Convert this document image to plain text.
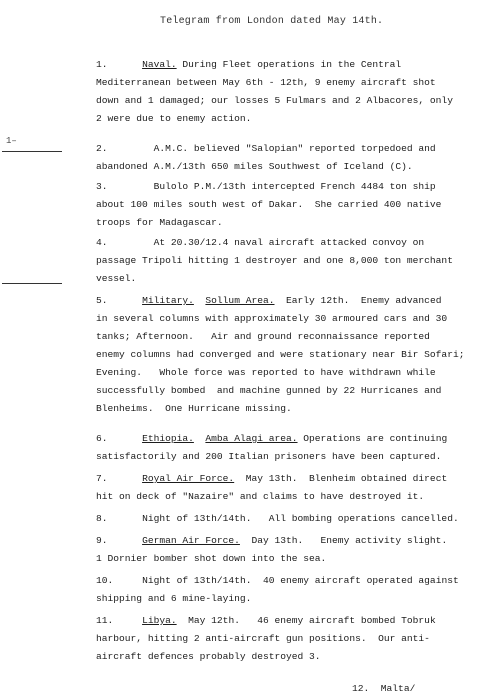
Telegram from London dated May 14th.
1–
1.	Naval. During Fleet operations in the Central
Mediterranean between May 6th - 12th, 9 enemy aircraft shot
down and 1 damaged; our losses 5 Fulmars and 2 Albacores, only
2 were due to enemy action.
2.	A.M.C. believed "Salopian" reported torpedoed and
abandoned A.M./13th 650 miles Southwest of Iceland (C).
3.	Bulolo P.M./13th intercepted French 4484 ton ship
about 100 miles south west of Dakar.  She carried 400 native
troops for Madagascar.
4.	At 20.30/12.4 naval aircraft attacked convoy on
passage Tripoli hitting 1 destroyer and one 8,000 ton merchant
vessel.
5.	Military. Sollum Area.  Early 12th.  Enemy advanced
in several columns with approximately 30 armoured cars and 30
tanks; Afternoon.   Air and ground reconnaissance reported
enemy columns had converged and were stationary near Bir Sofari;
Evening.   Whole force was reported to have withdrawn while
successfully bombed  and machine gunned by 22 Hurricanes and
Blenheims.  One Hurricane missing.
6.	Ethiopia. Amba Alagi area. Operations are continuing
satisfactorily and 200 Italian prisoners have been captured.
7.	Royal Air Force.  May 13th.  Blenheim obtained direct
hit on deck of "Nazaire" and claims to have destroyed it.
8.	Night of 13th/14th.   All bombing operations cancelled.
9.	German Air Force.  Day 13th.   Enemy activity slight.
1 Dornier bomber shot down into the sea.
10.	Night of 13th/14th.  40 enemy aircraft operated against
shipping and 6 mine-laying.
11.	Libya.  May 12th.   46 enemy aircraft bombed Tobruk
harbour, hitting 2 anti-aircraft gun positions.  Our anti-
aircraft defences probably destroyed 3.
12.  Malta/
